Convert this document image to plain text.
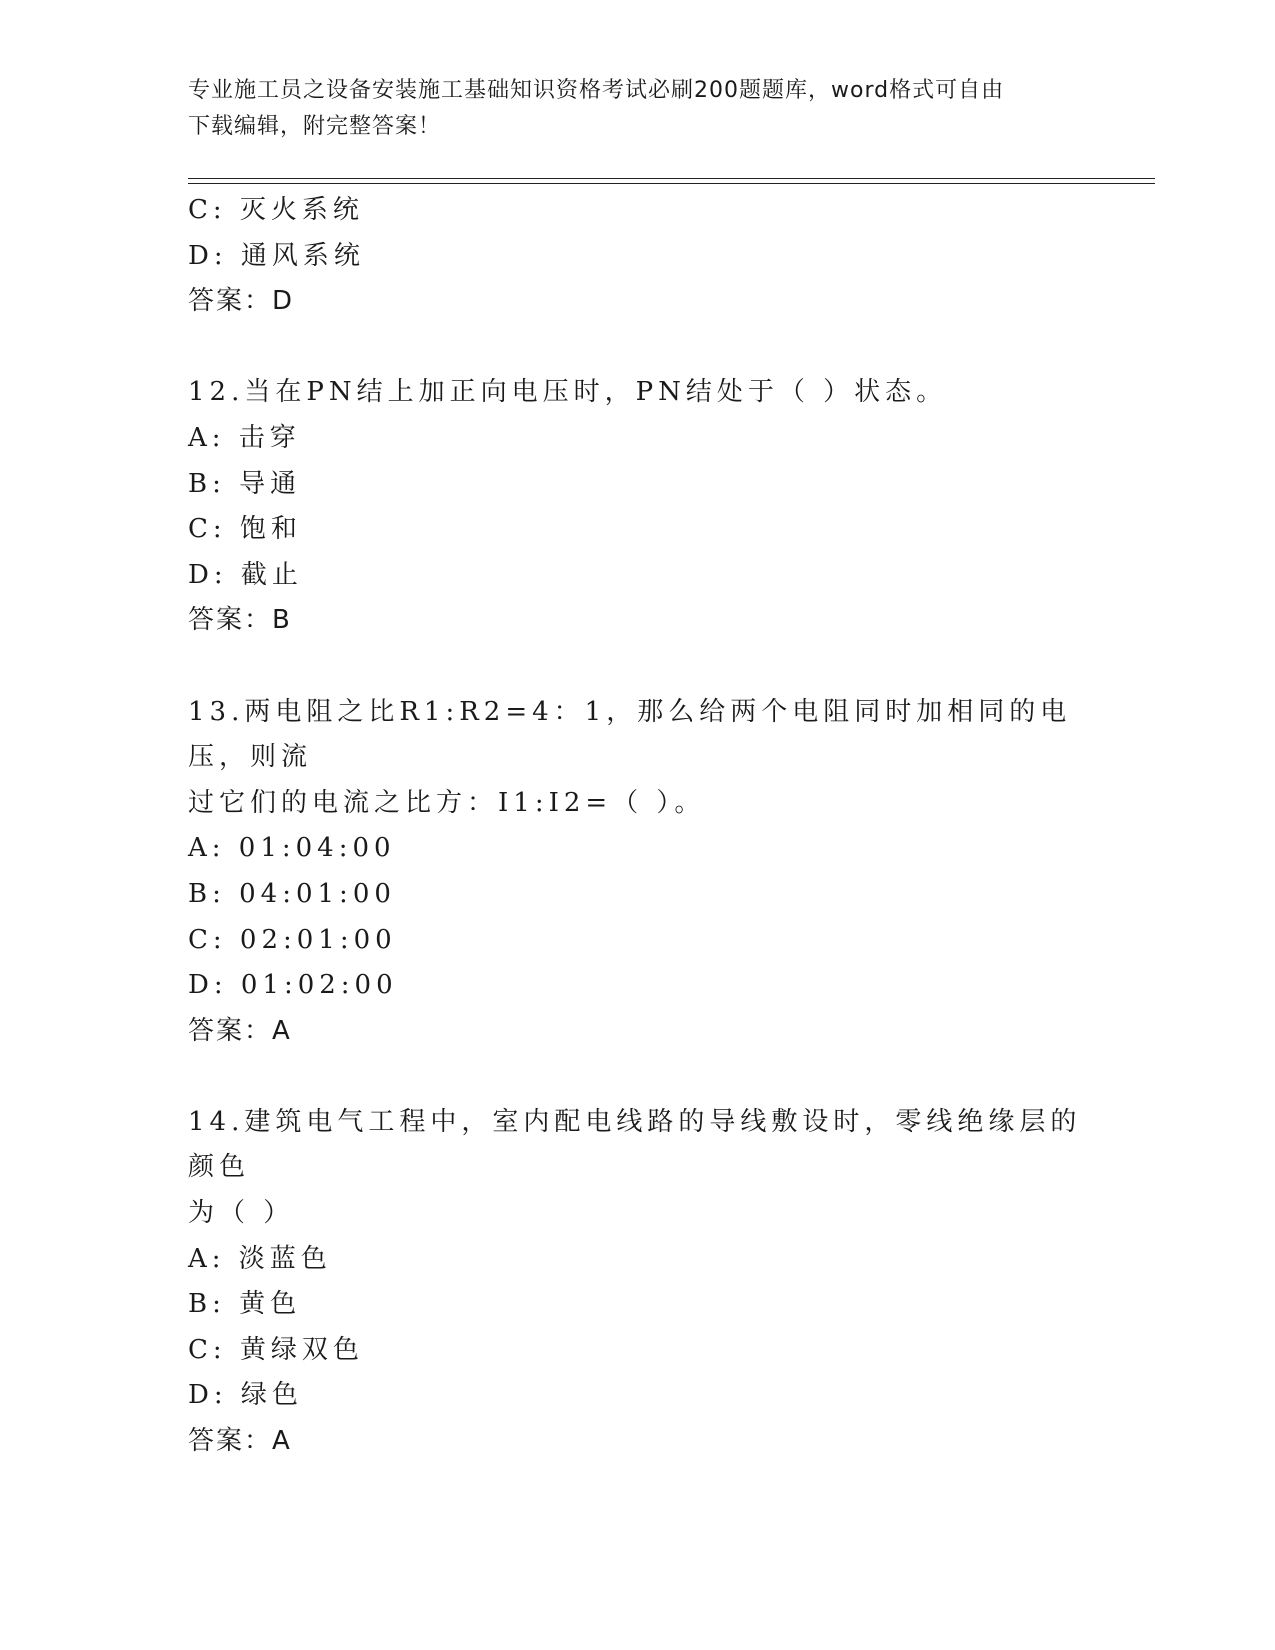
专业施工员之设备安装施工基础知识资格考试必刷200题题库，word格式可自由
下载编辑，附完整答案！
C: 灭火系统
D: 通风系统
答案：D
12.当在PN结上加正向电压时，PN结处于（ ）状态。
A: 击穿
B: 导通
C: 饱和
D: 截止
答案：B
13.两电阻之比R1:R2=4：1，那么给两个电阻同时加相同的电压，则流
过它们的电流之比方：I1:I2=（ ）。
A: 01:04:00
B: 04:01:00
C: 02:01:00
D: 01:02:00
答案：A
14.建筑电气工程中，室内配电线路的导线敷设时，零线绝缘层的颜色
为（ ）
A: 淡蓝色
B: 黄色
C: 黄绿双色
D: 绿色
答案：A
